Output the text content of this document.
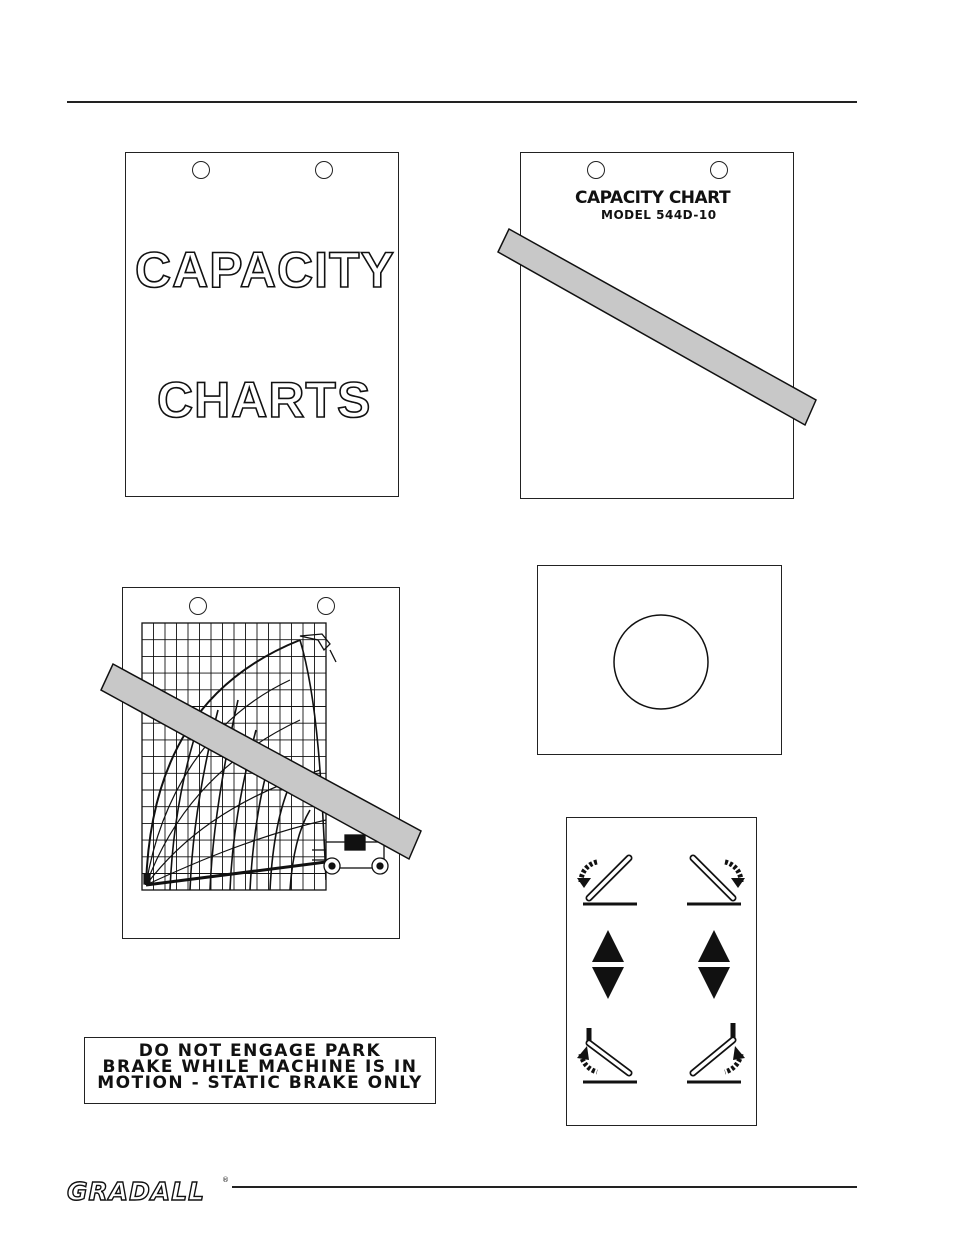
CAPACITY
CHARTS
CAPACITY CHART
MODEL 544D-10
DO NOT ENGAGE PARK
BRAKE WHILE MACHINE IS IN
MOTION - STATIC BRAKE ONLY
GRADALL ®
